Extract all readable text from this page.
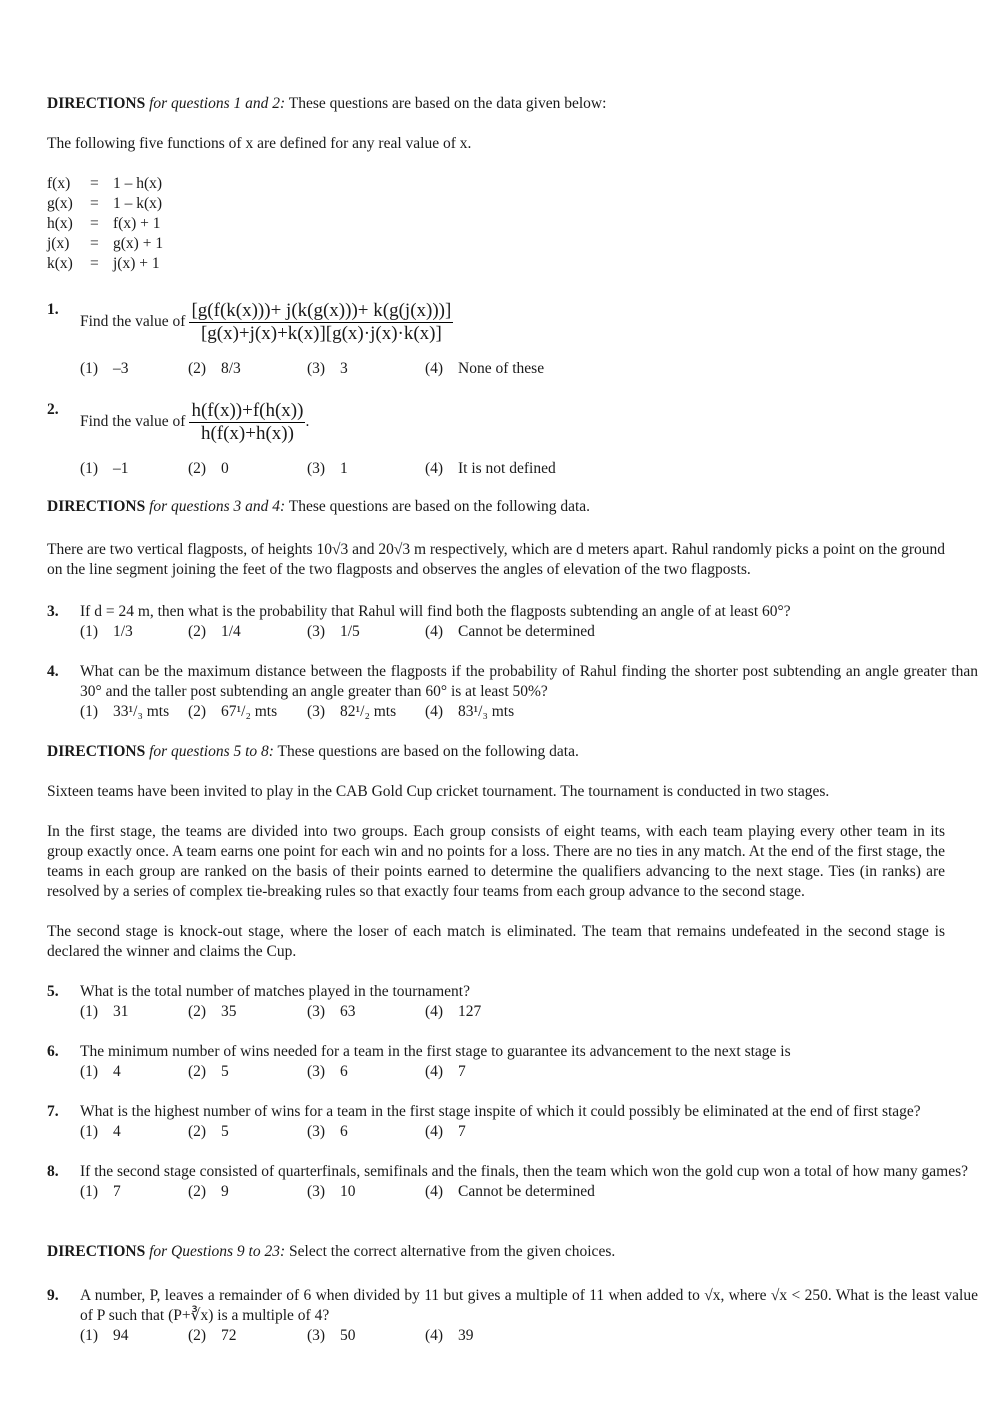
DIRECTIONS for questions 1 and 2: These questions are based on the data given below:
The following five functions of x are defined for any real value of x.
f(x) = 1 – h(x)
g(x) = 1 – k(x)
h(x) = f(x) + 1
j(x) = g(x) + 1
k(x) = j(x) + 1
1.
Find the value of $\frac{[g(f(k(x)))+ j(k(g(x)))+ k(g(j(x)))]}{[g(x)+j(x)+k(x)][g(x)\cdot j(x)\cdot k(x)]}$
(1) –3	(2) 8/3	(3) 3	(4) None of these
2.
Find the value of $\frac{h(f(x))+f(h(x))}{h(f(x)+h(x))}$ .
(1) –1	(2) 0	(3) 1	(4) It is not defined
DIRECTIONS for questions 3 and 4: These questions are based on the following data.
There are two vertical flagposts, of heights 10√3 and 20√3 m respectively, which are d meters apart. Rahul randomly picks a point on the ground on the line segment joining the feet of the two flagposts and observes the angles of elevation of the two flagposts.
3. If d = 24 m, then what is the probability that Rahul will find both the flagposts subtending an angle of at least 60°?
(1) 1/3	(2) 1/4	(3) 1/5	(4) Cannot be determined
4. What can be the maximum distance between the flagposts if the probability of Rahul finding the shorter post subtending an angle greater than 30° and the taller post subtending an angle greater than 60° is at least 50%?
(1) 33¹/₃ mts (2) 67¹/₂ mts (3) 82¹/₂ mts (4) 83¹/₃ mts
DIRECTIONS for questions 5 to 8: These questions are based on the following data.
Sixteen teams have been invited to play in the CAB Gold Cup cricket tournament. The tournament is conducted in two stages.
In the first stage, the teams are divided into two groups. Each group consists of eight teams, with each team playing every other team in its group exactly once. A team earns one point for each win and no points for a loss. There are no ties in any match. At the end of the first stage, the teams in each group are ranked on the basis of their points earned to determine the qualifiers advancing to the next stage. Ties (in ranks) are resolved by a series of complex tie-breaking rules so that exactly four teams from each group advance to the second stage.
The second stage is knock-out stage, where the loser of each match is eliminated. The team that remains undefeated in the second stage is declared the winner and claims the Cup.
5. What is the total number of matches played in the tournament?
(1) 31	(2) 35	(3) 63	(4) 127
6. The minimum number of wins needed for a team in the first stage to guarantee its advancement to the next stage is
(1) 4	(2) 5	(3) 6	(4) 7
7. What is the highest number of wins for a team in the first stage inspite of which it could possibly be eliminated at the end of first stage?
(1) 4	(2) 5	(3) 6	(4) 7
8. If the second stage consisted of quarterfinals, semifinals and the finals, then the team which won the gold cup won a total of how many games?
(1) 7	(2) 9	(3) 10	(4) Cannot be determined
DIRECTIONS for Questions 9 to 23: Select the correct alternative from the given choices.
9. A number, P, leaves a remainder of 6 when divided by 11 but gives a multiple of 11 when added to √x, where √x < 250. What is the least value of P such that (P+∛x) is a multiple of 4?
(1) 94	(2) 72	(3) 50	(4) 39
